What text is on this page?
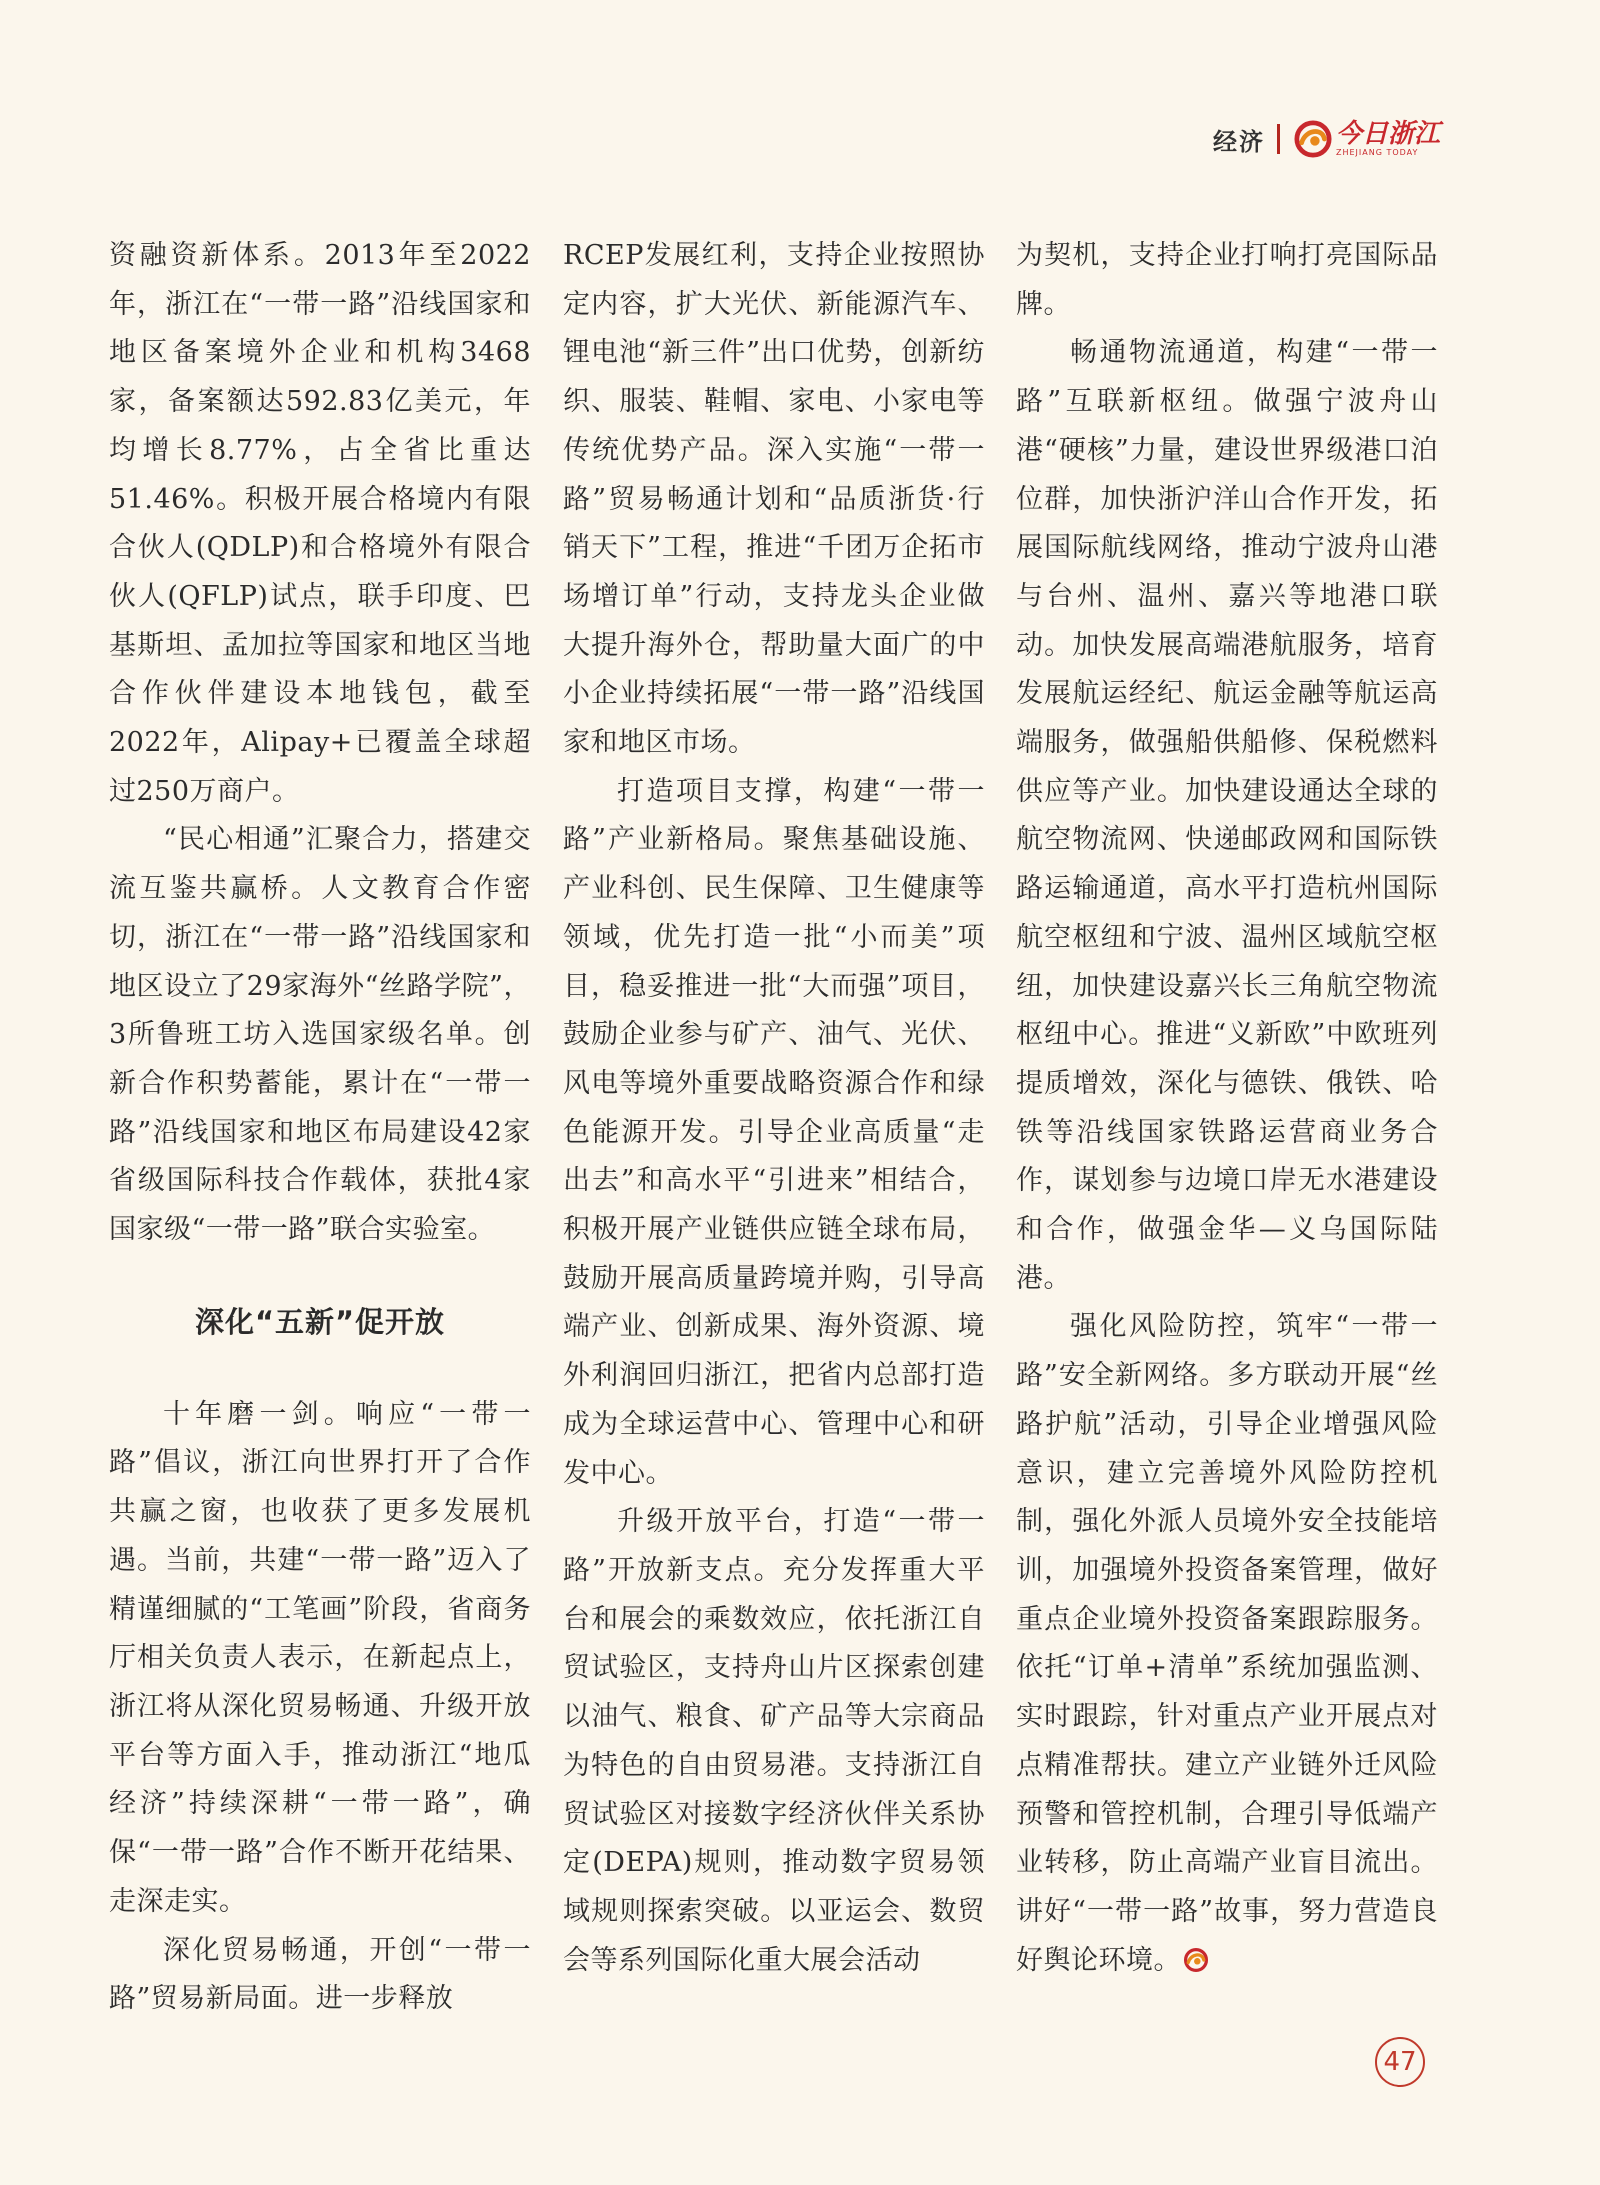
经济	今日浙江
ZHEJIANG TODAY

资融资新体系。2013年至2022年，浙江在“一带一路”沿线国家和地区备案境外企业和机构3468家，备案额达592.83亿美元，年均增长8.77%，占全省比重达51.46%。积极开展合格境内有限合伙人(QDLP)和合格境外有限合伙人(QFLP)试点，联手印度、巴基斯坦、孟加拉等国家和地区当地合作伙伴建设本地钱包，截至2022年，Alipay+已覆盖全球超过250万商户。

“民心相通”汇聚合力，搭建交流互鉴共赢桥。人文教育合作密切，浙江在“一带一路”沿线国家和地区设立了29家海外“丝路学院”，3所鲁班工坊入选国家级名单。创新合作积势蓄能，累计在“一带一路”沿线国家和地区布局建设42家省级国际科技合作载体，获批4家国家级“一带一路”联合实验室。

深化“五新”促开放

十年磨一剑。响应“一带一路”倡议，浙江向世界打开了合作共赢之窗，也收获了更多发展机遇。当前，共建“一带一路”迈入了精谨细腻的“工笔画”阶段，省商务厅相关负责人表示，在新起点上，浙江将从深化贸易畅通、升级开放平台等方面入手，推动浙江“地瓜经济”持续深耕“一带一路”，确保“一带一路”合作不断开花结果、走深走实。

深化贸易畅通，开创“一带一路”贸易新局面。进一步释放

RCEP发展红利，支持企业按照协定内容，扩大光伏、新能源汽车、锂电池“新三件”出口优势，创新纺织、服装、鞋帽、家电、小家电等传统优势产品。深入实施“一带一路”贸易畅通计划和“品质浙货·行销天下”工程，推进“千团万企拓市场增订单”行动，支持龙头企业做大提升海外仓，帮助量大面广的中小企业持续拓展“一带一路”沿线国家和地区市场。

打造项目支撑，构建“一带一路”产业新格局。聚焦基础设施、产业科创、民生保障、卫生健康等领域，优先打造一批“小而美”项目，稳妥推进一批“大而强”项目，鼓励企业参与矿产、油气、光伏、风电等境外重要战略资源合作和绿色能源开发。引导企业高质量“走出去”和高水平“引进来”相结合，积极开展产业链供应链全球布局，鼓励开展高质量跨境并购，引导高端产业、创新成果、海外资源、境外利润回归浙江，把省内总部打造成为全球运营中心、管理中心和研发中心。

升级开放平台，打造“一带一路”开放新支点。充分发挥重大平台和展会的乘数效应，依托浙江自贸试验区，支持舟山片区探索创建以油气、粮食、矿产品等大宗商品为特色的自由贸易港。支持浙江自贸试验区对接数字经济伙伴关系协定(DEPA)规则，推动数字贸易领域规则探索突破。以亚运会、数贸会等系列国际化重大展会活动

为契机，支持企业打响打亮国际品牌。

畅通物流通道，构建“一带一路”互联新枢纽。做强宁波舟山港“硬核”力量，建设世界级港口泊位群，加快浙沪洋山合作开发，拓展国际航线网络，推动宁波舟山港与台州、温州、嘉兴等地港口联动。加快发展高端港航服务，培育发展航运经纪、航运金融等航运高端服务，做强船供船修、保税燃料供应等产业。加快建设通达全球的航空物流网、快递邮政网和国际铁路运输通道，高水平打造杭州国际航空枢纽和宁波、温州区域航空枢纽，加快建设嘉兴长三角航空物流枢纽中心。推进“义新欧”中欧班列提质增效，深化与德铁、俄铁、哈铁等沿线国家铁路运营商业务合作，谋划参与边境口岸无水港建设和合作，做强金华—义乌国际陆港。

强化风险防控，筑牢“一带一路”安全新网络。多方联动开展“丝路护航”活动，引导企业增强风险意识，建立完善境外风险防控机制，强化外派人员境外安全技能培训，加强境外投资备案管理，做好重点企业境外投资备案跟踪服务。依托“订单+清单”系统加强监测、实时跟踪，针对重点产业开展点对点精准帮扶。建立产业链外迁风险预警和管控机制，合理引导低端产业转移，防止高端产业盲目流出。讲好“一带一路”故事，努力营造良好舆论环境。

47
